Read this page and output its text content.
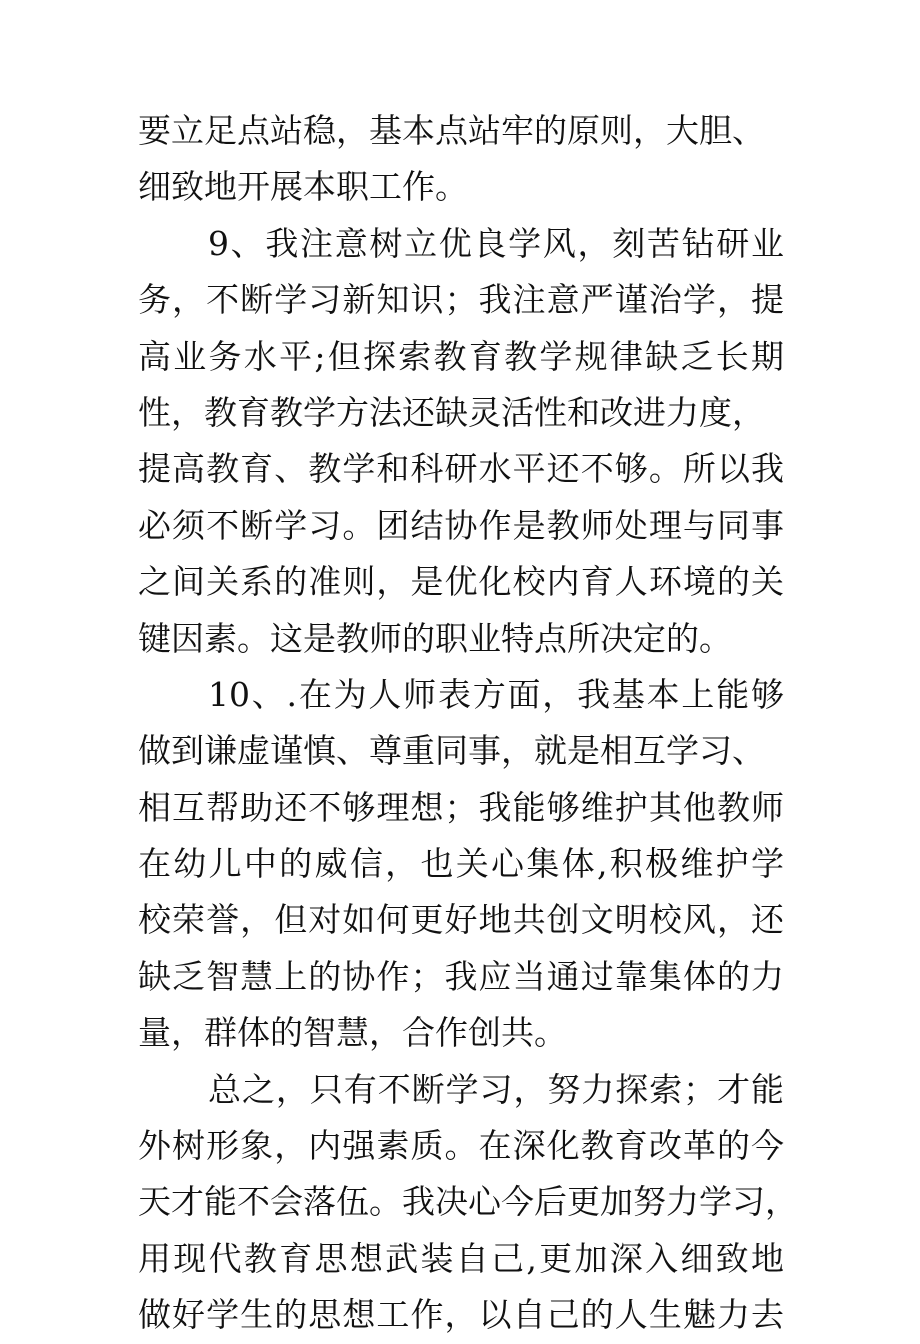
要立足点站稳，基本点站牢的原则，大胆、
细致地开展本职工作。
9、我注意树立优良学风，刻苦钻研业
务，不断学习新知识；我注意严谨治学，提
高业务水平;但探索教育教学规律缺乏长期
性，教育教学方法还缺灵活性和改进力度，
提高教育、教学和科研水平还不够。所以我
必须不断学习。团结协作是教师处理与同事
之间关系的准则，是优化校内育人环境的关
键因素。这是教师的职业特点所决定的。
10、.在为人师表方面，我基本上能够
做到谦虚谨慎、尊重同事，就是相互学习、
相互帮助还不够理想；我能够维护其他教师
在幼儿中的威信，也关心集体,积极维护学
校荣誉，但对如何更好地共创文明校风，还
缺乏智慧上的协作；我应当通过靠集体的力
量，群体的智慧，合作创共。
总之，只有不断学习，努力探索；才能
外树形象，内强素质。在深化教育改革的今
天才能不会落伍。我决心今后更加努力学习，
用现代教育思想武装自己,更加深入细致地
做好学生的思想工作，以自己的人生魅力去
